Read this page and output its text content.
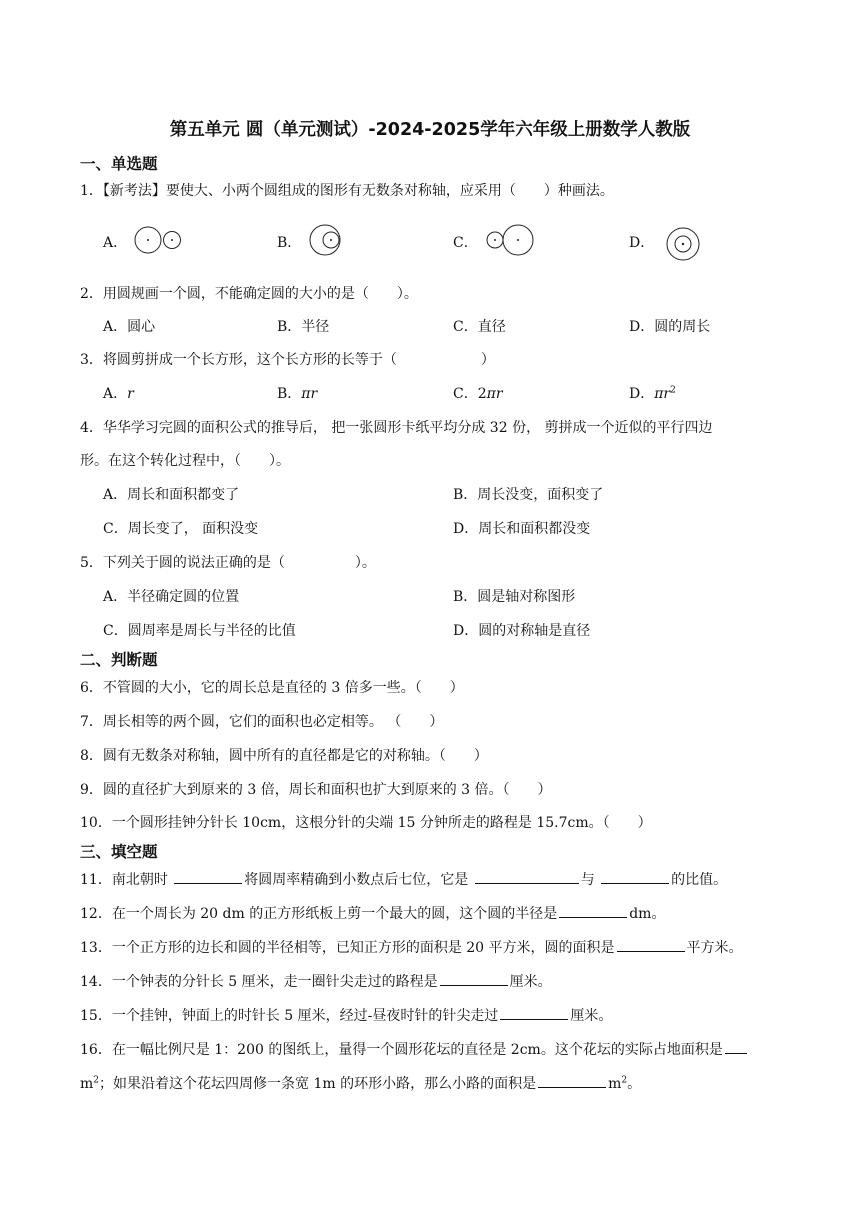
第五单元 圆（单元测试）-2024-2025学年六年级上册数学人教版
一、单选题
1．【新考法】要使大、小两个圆组成的图形有无数条对称轴，应采用（　　）种画法。
A．	B．	C．	D．
2．用圆规画一个圆，不能确定圆的大小的是（　　）。
A．圆心	B．半径	C．直径	D．圆的周长
3．将圆剪拼成一个长方形，这个长方形的长等于（　　　　　　）
A．r	B．πr	C．2πr	D．$\pi r^2$
4．华华学习完圆的面积公式的推导后， 把一张圆形卡纸平均分成 32 份， 剪拼成一个近似的平行四边
形。在这个转化过程中，（　　）。
A．周长和面积都变了	B．周长没变，面积变了
C．周长变了， 面积没变	D．周长和面积都没变
5．下列关于圆的说法正确的是（　　　　　）。
A．半径确定圆的位置	B．圆是轴对称图形
C．圆周率是周长与半径的比值	D．圆的对称轴是直径
二、判断题
6．不管圆的大小，它的周长总是直径的 3 倍多一些。（　　）
7．周长相等的两个圆，它们的面积也必定相等。 （　　）
8．圆有无数条对称轴，圆中所有的直径都是它的对称轴。（　　）
9．圆的直径扩大到原来的 3 倍，周长和面积也扩大到原来的 3 倍。（　　）
10．一个圆形挂钟分针长 10cm，这根分针的尖端 15 分钟所走的路程是 15.7cm。（　　）
三、填空题
11．南北朝时	将圆周率精确到小数点后七位，它是	与	的比值。
12．在一个周长为 20 dm 的正方形纸板上剪一个最大的圆，这个圆的半径是	dm。
13．一个正方形的边长和圆的半径相等，已知正方形的面积是 20 平方米，圆的面积是	平方米。
14．一个钟表的分针长 5 厘米，走一圈针尖走过的路程是	厘米。
15．一个挂钟，钟面上的时针长 5 厘米，经过-昼夜时针的针尖走过	厘米。
16．在一幅比例尺是 1：200 的图纸上，量得一个圆形花坛的直径是 2cm。这个花坛的实际占地面积是
$m^2$；如果沿着这个花坛四周修一条宽 1m 的环形小路，那么小路的面积是	$m^2$。
